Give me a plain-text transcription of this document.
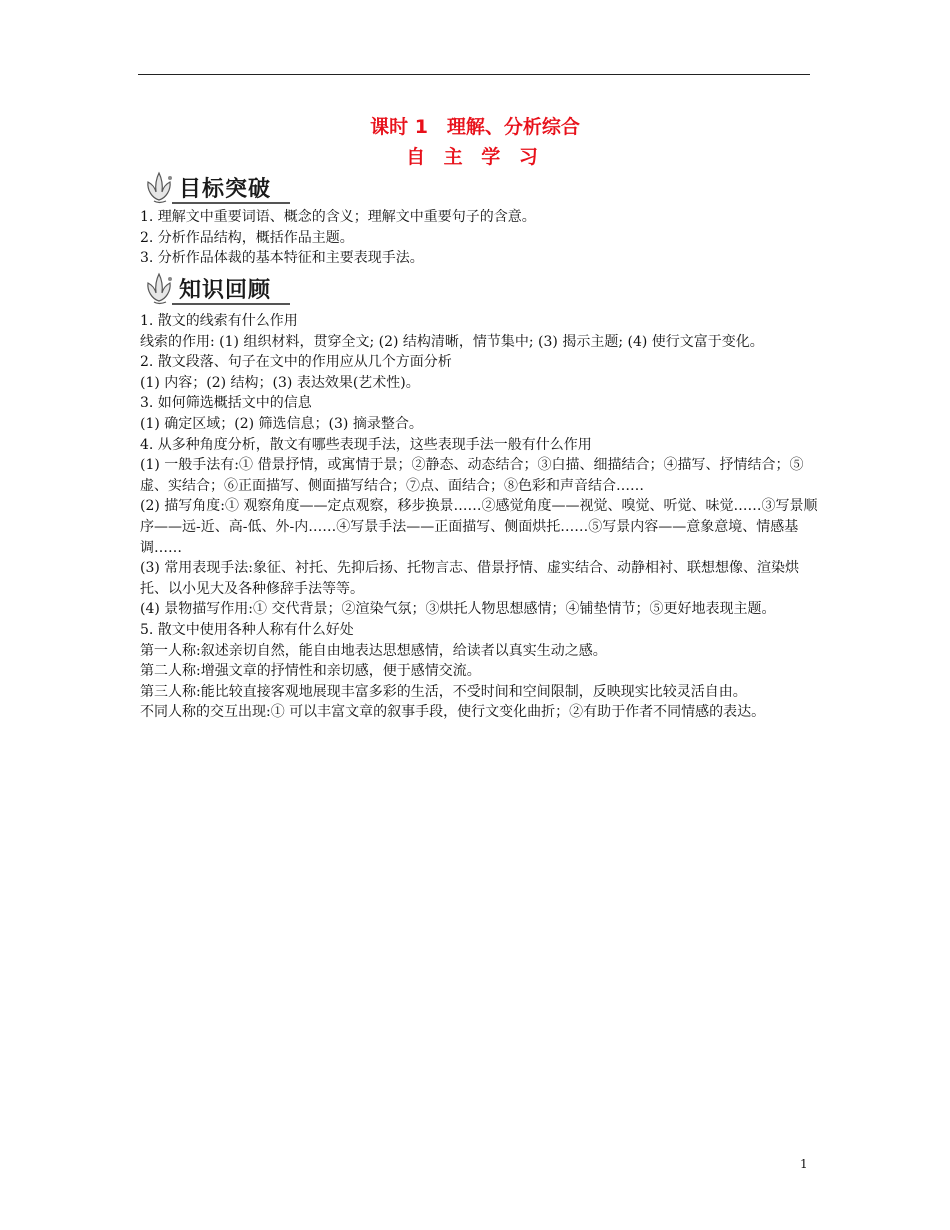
课时 1　理解、分析综合
自 主 学 习
目标突破

1. 理解文中重要词语、概念的含义；理解文中重要句子的含意。

2. 分析作品结构，概括作品主题。

3. 分析作品体裁的基本特征和主要表现手法。

知识回顾

1. 散文的线索有什么作用

线索的作用: (1) 组织材料，贯穿全文; (2) 结构清晰，情节集中; (3) 揭示主题; (4) 使行文富于变化。

2. 散文段落、句子在文中的作用应从几个方面分析

(1) 内容；(2) 结构；(3) 表达效果(艺术性)。

3. 如何筛选概括文中的信息

(1) 确定区域；(2) 筛选信息；(3) 摘录整合。

4. 从多种角度分析，散文有哪些表现手法，这些表现手法一般有什么作用

(1) 一般手法有:① 借景抒情，或寓情于景；②静态、动态结合；③白描、细描结合；④描写、抒情结合；⑤虚、实结合；⑥正面描写、侧面描写结合；⑦点、面结合；⑧色彩和声音结合……

(2) 描写角度:① 观察角度——定点观察，移步换景……②感觉角度——视觉、嗅觉、听觉、味觉……③写景顺序——远-近、高-低、外-内……④写景手法——正面描写、侧面烘托……⑤写景内容——意象意境、情感基调……

(3) 常用表现手法:象征、衬托、先抑后扬、托物言志、借景抒情、虚实结合、动静相衬、联想想像、渲染烘托、以小见大及各种修辞手法等等。

(4) 景物描写作用:① 交代背景；②渲染气氛；③烘托人物思想感情；④铺垫情节；⑤更好地表现主题。

5. 散文中使用各种人称有什么好处

第一人称:叙述亲切自然，能自由地表达思想感情，给读者以真实生动之感。

第二人称:增强文章的抒情性和亲切感，便于感情交流。

第三人称:能比较直接客观地展现丰富多彩的生活，不受时间和空间限制，反映现实比较灵活自由。

不同人称的交互出现:① 可以丰富文章的叙事手段，使行文变化曲折；②有助于作者不同情感的表达。

1
